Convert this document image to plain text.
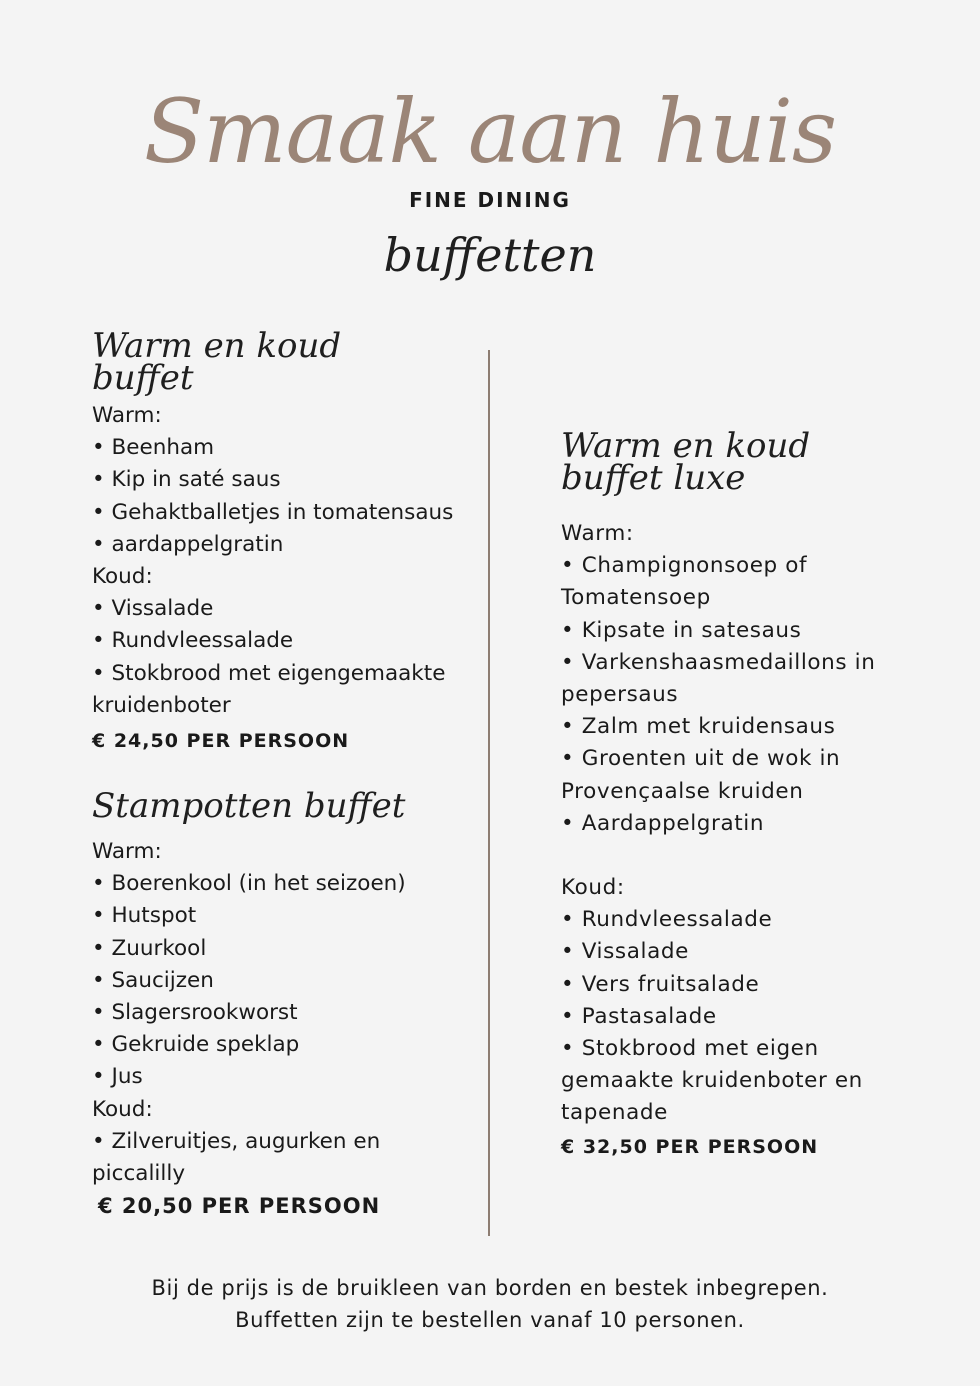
Smaak aan huis
FINE DINING
buffetten
Warm en koud
buffet
Warm:
• Beenham
• Kip in saté saus
• Gehaktballetjes in tomatensaus
• aardappelgratin
Koud:
• Vissalade
• Rundvleessalade
• Stokbrood met eigengemaakte
kruidenboter
€ 24,50 PER PERSOON
Stampotten buffet
Warm:
• Boerenkool (in het seizoen)
• Hutspot
• Zuurkool
• Saucijzen
• Slagersrookworst
• Gekruide speklap
• Jus
Koud:
• Zilveruitjes, augurken en
piccalilly
€ 20,50 PER PERSOON
Warm en koud
buffet luxe
Warm:
• Champignonsoep of
Tomatensoep
• Kipsate in satesaus
• Varkenshaasmedaillons in
pepersaus
• Zalm met kruidensaus
• Groenten uit de wok in
Provençaalse kruiden
• Aardappelgratin
Koud:
• Rundvleessalade
• Vissalade
• Vers fruitsalade
• Pastasalade
• Stokbrood met eigen
gemaakte kruidenboter en
tapenade
€ 32,50 PER PERSOON
Bij de prijs is de bruikleen van borden en bestek inbegrepen.
Buffetten zijn te bestellen vanaf 10 personen.
